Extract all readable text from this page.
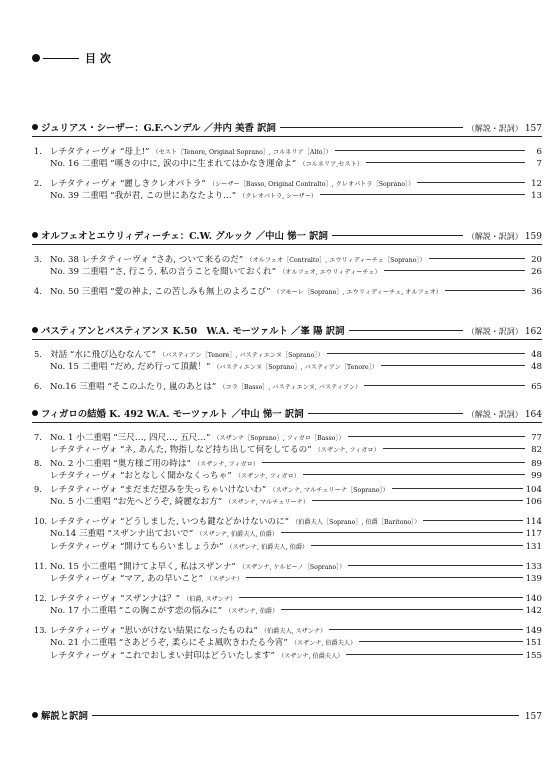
目 次
ジュリアス・シーザー：G.F.ヘンデル ／井内 美香 訳詞	（解説・訳詞） 157
1. レチタティーヴォ “母上!” （セスト［Tenore, Original Soprano］, コルネリア［Alto］）	6
No. 16 二重唱 “嘆きの中に, 涙の中に生まれてはかなき運命よ” （コルネリア,セスト）	7
2. レチタティーヴォ “麗しきクレオパトラ” （シーザー［Basso, Original Contralto］, クレオパトラ［Soprano］）	12
No. 39 二重唱 “我が君, この世にあなたより…” （クレオパトラ, シーザー）	13
オルフェオとエウリィディーチェ：C.W. グルック ／中山 悌一 訳詞	（解説・訳詞） 159
3. No. 38 レチタティーヴォ “さあ, ついて来るのだ” （オルフェオ［Contralto］, エウリィディーチェ［Soprano］）	20
No. 39 二重唱 “さ, 行こう, 私の言うことを聞いておくれ” （オルフェオ, エウリィディーチェ）	26
4. No. 50 三重唱 “愛の神よ, この苦しみも無上のよろこび” （アモーレ［Soprano］, エウリィディーチェ, オルフェオ）	36
バスティアンとバスティアンヌ K.50　W.A. モーツァルト ／峯 陽 訳詞	（解説・訳詞） 162
5. 対話 “水に飛び込むなんて” （バスティアン［Tenore］, バスティエンヌ［Soprano］）	48
No. 15 二重唱 “だめ, だめ行って頂戴！” （バスティエンヌ［Soprano］, バスティアン［Tenore］）	48
6. No.16 三重唱 “そこのふたり, 嵐のあとは” （コラ［Basso］, バスティエンヌ, バスティアン）	65
フィガロの結婚 K. 492 W.A. モーツァルト ／中山 悌一 訳詞	（解説・訳詞） 164
7. No. 1 小二重唱 “三尺…, 四尺…, 五尺…” （スザンナ［Soprano］, フィガロ［Basso］）	77
レチタティーヴォ “ネ, あんた, 物指しなど持ち出して何をしてるの” （スザンナ, フィガロ）	82
8. No. 2 小二重唱 “奥方様ご用の時は” （スザンナ, フィガロ）	89
レチタティーヴォ “おとなしく聞かなくっちゃ” （スザンナ, フィガロ）	99
9. レチタティーヴォ “まだまだ望みを失っちゃいけないわ” （スザンナ, マルチェリーナ［Soprano］）	104
No. 5 小二重唱 “お先へどうぞ, 綺麗なお方” （スザンナ, マルチェリーナ）	106
10. レチタティーヴォ “どうしました, いつも鍵などかけないのに” （伯爵夫人［Soprano］, 伯爵［Baritono］）	114
No.14 三重唱 “スザンナ出ておいで” （スザンナ, 伯爵夫人, 伯爵）	117
レチタティーヴォ “開けてもらいましょうか” （スザンナ, 伯爵夫人, 伯爵）	131
11. No. 15 小二重唱 “開けてよ早く, 私はスザンナ” （スザンナ, ケルビーノ［Soprano］）	133
レチタティーヴォ “マア, あの早いこと” （スザンナ）	139
12. レチタティーヴォ “スザンナは？” （伯爵, スザンナ）	140
No. 17 小二重唱 “この胸こがす恋の悩みに” （スザンナ, 伯爵）	142
13. レチタティーヴォ “思いがけない結果になったものね” （伯爵夫人, スザンナ）	149
No. 21 小二重唱 “さあどうぞ, 柔らにそよ風吹きわたる今宵” （スザンナ, 伯爵夫人）	151
レチタティーヴォ “これでおしまい封印はどういたします” （スザンナ, 伯爵夫人）	155
解説と訳詞	157
